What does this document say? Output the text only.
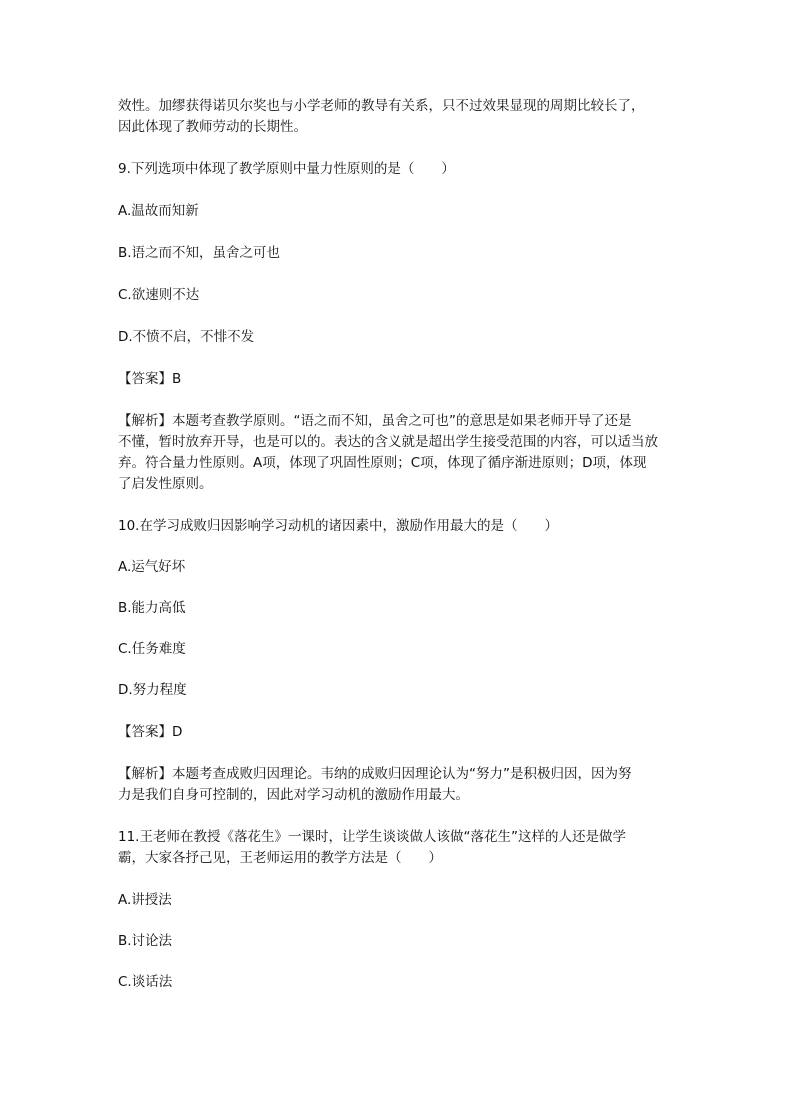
效性。加缪获得诺贝尔奖也与小学老师的教导有关系，只不过效果显现的周期比较长了，
因此体现了教师劳动的长期性。
9.下列选项中体现了教学原则中量力性原则的是（　　）
A.温故而知新
B.语之而不知，虽舍之可也
C.欲速则不达
D.不愤不启，不悱不发
【答案】B
【解析】本题考查教学原则。“语之而不知，虽舍之可也”的意思是如果老师开导了还是
不懂，暂时放弃开导，也是可以的。表达的含义就是超出学生接受范围的内容，可以适当放
弃。符合量力性原则。A项，体现了巩固性原则；C项，体现了循序渐进原则；D项，体现
了启发性原则。
10.在学习成败归因影响学习动机的诸因素中，激励作用最大的是（　　）
A.运气好坏
B.能力高低
C.任务难度
D.努力程度
【答案】D
【解析】本题考查成败归因理论。韦纳的成败归因理论认为“努力”是积极归因，因为努
力是我们自身可控制的，因此对学习动机的激励作用最大。
11.王老师在教授《落花生》一课时，让学生谈谈做人该做“落花生”这样的人还是做学
霸，大家各抒己见，王老师运用的教学方法是（　　）
A.讲授法
B.讨论法
C.谈话法
